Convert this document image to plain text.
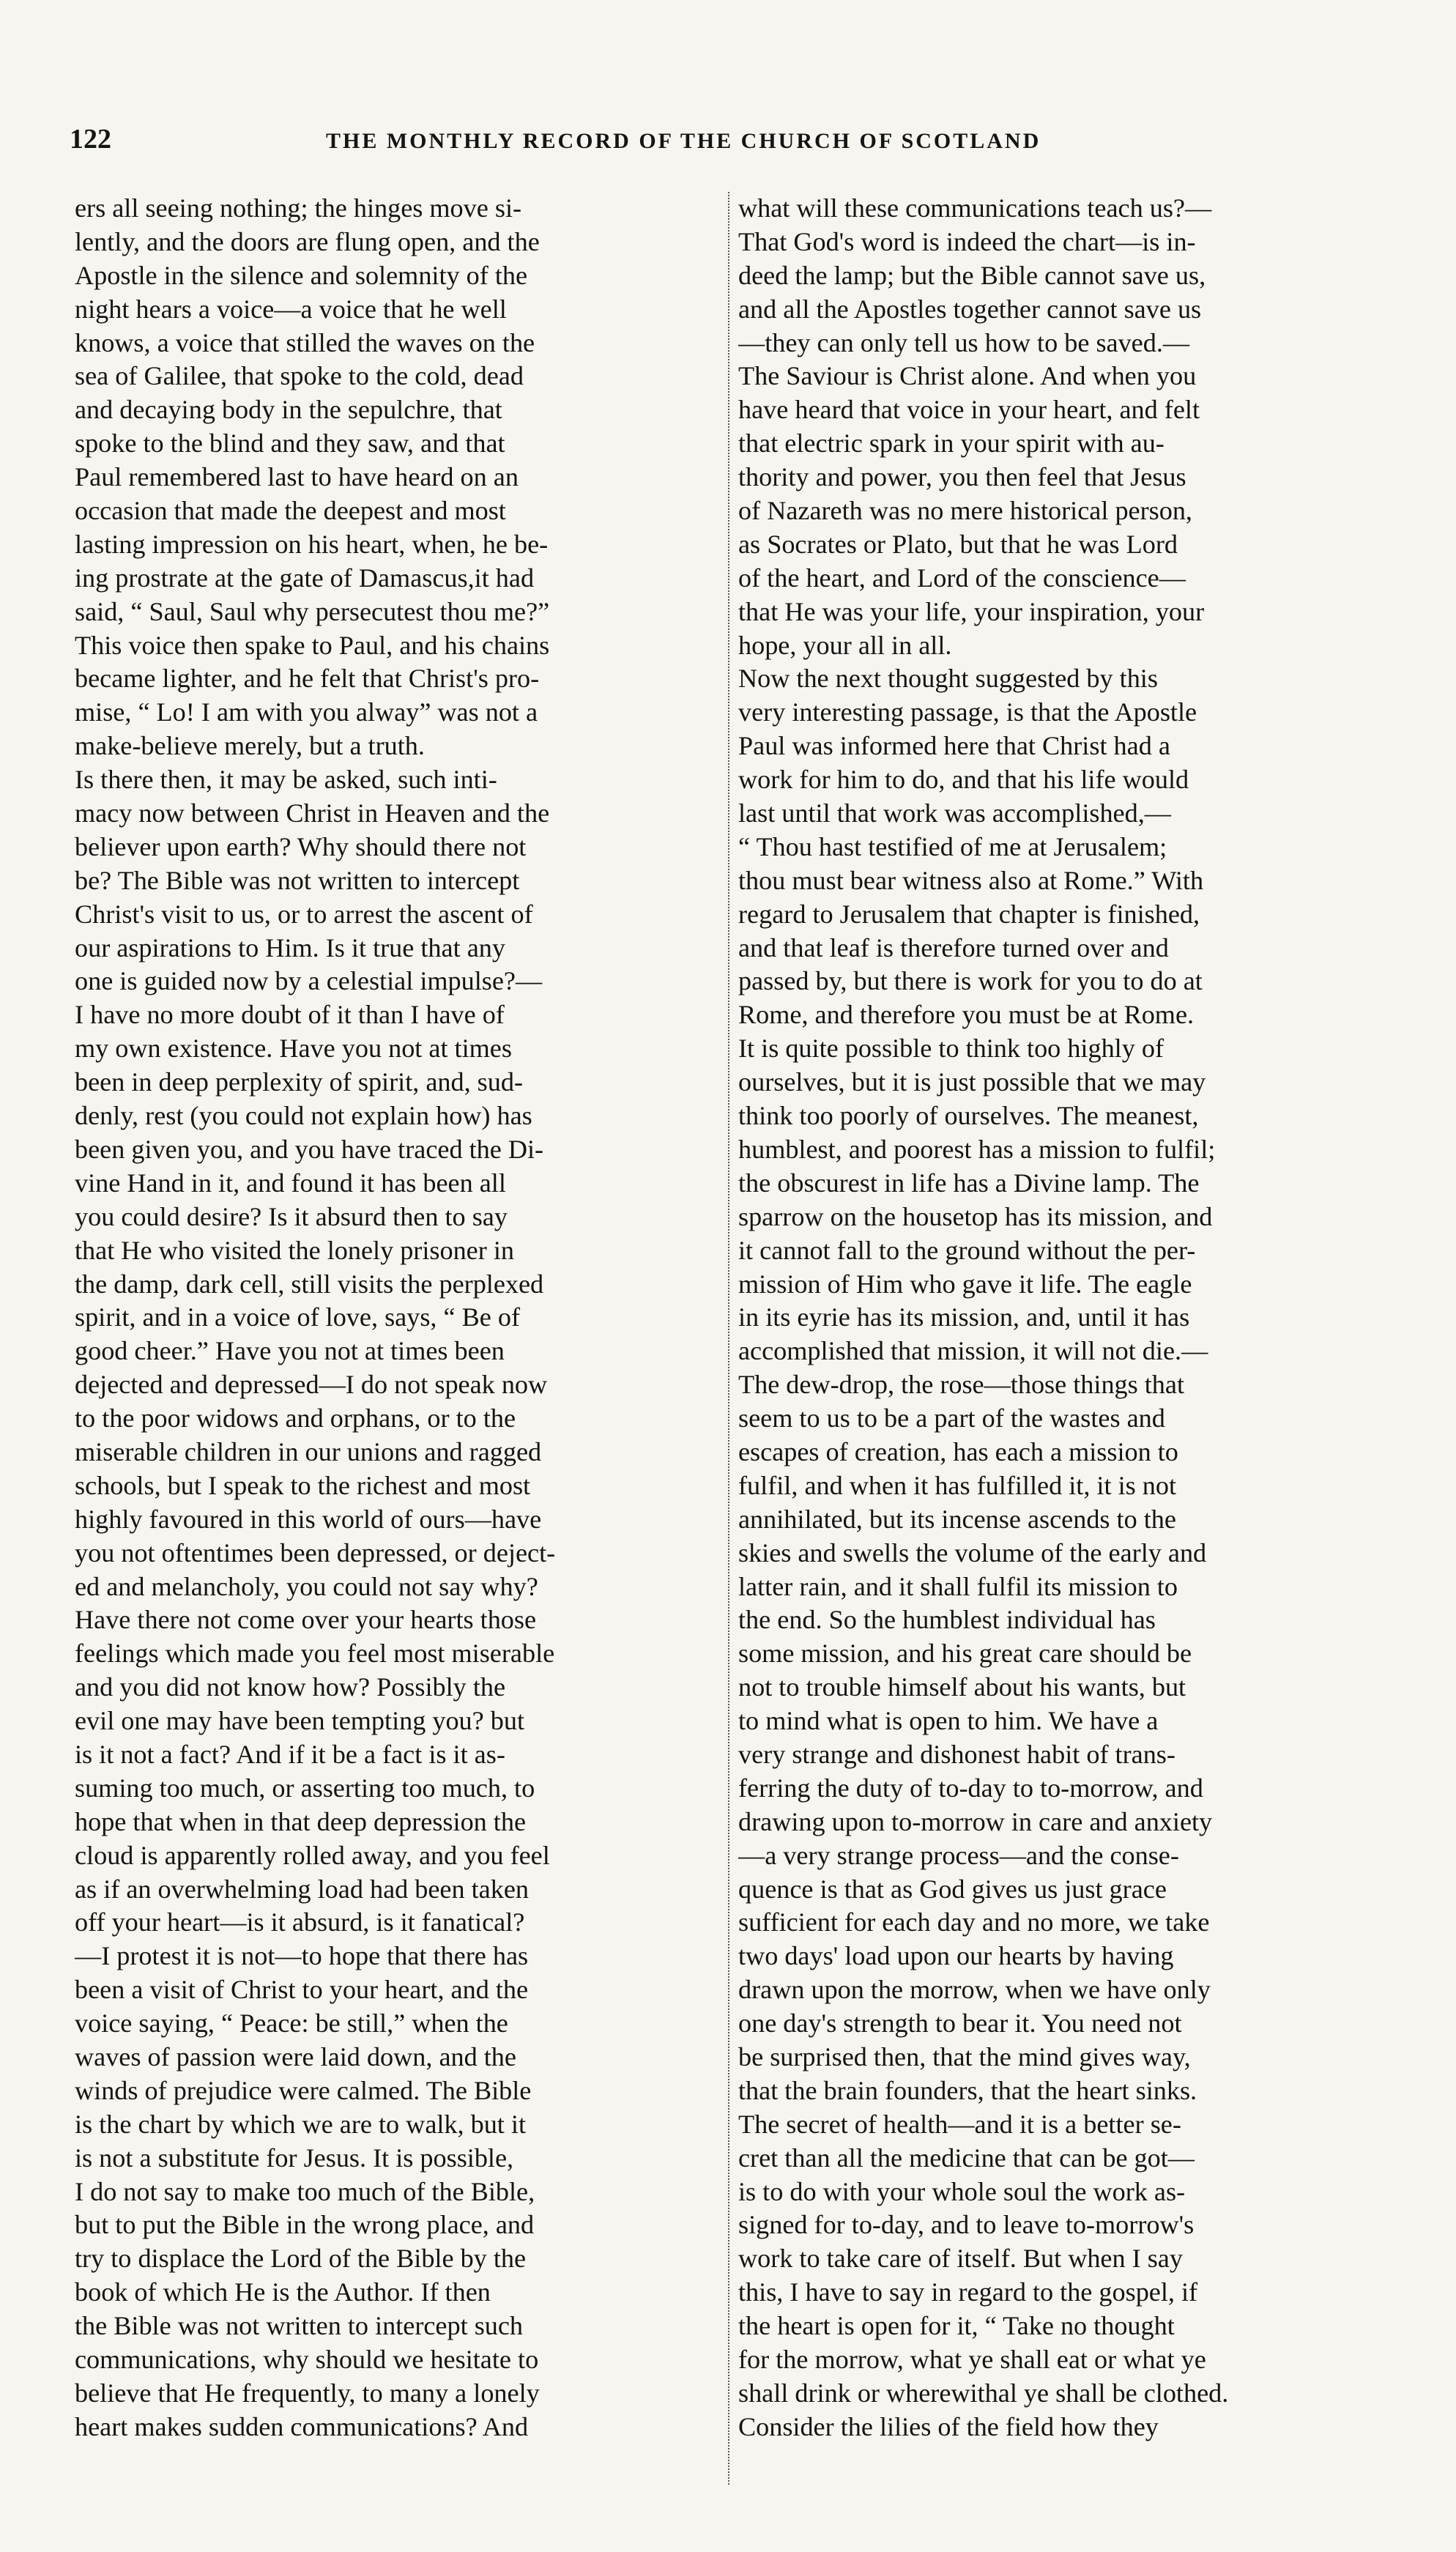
122	THE MONTHLY RECORD OF THE CHURCH OF SCOTLAND
ers all seeing nothing; the hinges move si-
lently, and the doors are flung open, and the
Apostle in the silence and solemnity of the
night hears a voice—a voice that he well
knows, a voice that stilled the waves on the
sea of Galilee, that spoke to the cold, dead
and decaying body in the sepulchre, that
spoke to the blind and they saw, and that
Paul remembered last to have heard on an
occasion that made the deepest and most
lasting impression on his heart, when, he be-
ing prostrate at the gate of Damascus,it had
said, “ Saul, Saul why persecutest thou me?”
This voice then spake to Paul, and his chains
became lighter, and he felt that Christ's pro-
mise, “ Lo! I am with you alway” was not a
make-believe merely, but a truth.
Is there then, it may be asked, such inti-
macy now between Christ in Heaven and the
believer upon earth? Why should there not
be? The Bible was not written to intercept
Christ's visit to us, or to arrest the ascent of
our aspirations to Him. Is it true that any
one is guided now by a celestial impulse?—
I have no more doubt of it than I have of
my own existence. Have you not at times
been in deep perplexity of spirit, and, sud-
denly, rest (you could not explain how) has
been given you, and you have traced the Di-
vine Hand in it, and found it has been all
you could desire? Is it absurd then to say
that He who visited the lonely prisoner in
the damp, dark cell, still visits the perplexed
spirit, and in a voice of love, says, “ Be of
good cheer.” Have you not at times been
dejected and depressed—I do not speak now
to the poor widows and orphans, or to the
miserable children in our unions and ragged
schools, but I speak to the richest and most
highly favoured in this world of ours—have
you not oftentimes been depressed, or deject-
ed and melancholy, you could not say why?
Have there not come over your hearts those
feelings which made you feel most miserable
and you did not know how? Possibly the
evil one may have been tempting you? but
is it not a fact? And if it be a fact is it as-
suming too much, or asserting too much, to
hope that when in that deep depression the
cloud is apparently rolled away, and you feel
as if an overwhelming load had been taken
off your heart—is it absurd, is it fanatical?
—I protest it is not—to hope that there has
been a visit of Christ to your heart, and the
voice saying, “ Peace: be still,” when the
waves of passion were laid down, and the
winds of prejudice were calmed. The Bible
is the chart by which we are to walk, but it
is not a substitute for Jesus. It is possible,
I do not say to make too much of the Bible,
but to put the Bible in the wrong place, and
try to displace the Lord of the Bible by the
book of which He is the Author. If then
the Bible was not written to intercept such
communications, why should we hesitate to
believe that He frequently, to many a lonely
heart makes sudden communications? And
what will these communications teach us?—
That God's word is indeed the chart—is in-
deed the lamp; but the Bible cannot save us,
and all the Apostles together cannot save us
—they can only tell us how to be saved.—
The Saviour is Christ alone. And when you
have heard that voice in your heart, and felt
that electric spark in your spirit with au-
thority and power, you then feel that Jesus
of Nazareth was no mere historical person,
as Socrates or Plato, but that he was Lord
of the heart, and Lord of the conscience—
that He was your life, your inspiration, your
hope, your all in all.
Now the next thought suggested by this
very interesting passage, is that the Apostle
Paul was informed here that Christ had a
work for him to do, and that his life would
last until that work was accomplished,—
“ Thou hast testified of me at Jerusalem;
thou must bear witness also at Rome.” With
regard to Jerusalem that chapter is finished,
and that leaf is therefore turned over and
passed by, but there is work for you to do at
Rome, and therefore you must be at Rome.
It is quite possible to think too highly of
ourselves, but it is just possible that we may
think too poorly of ourselves. The meanest,
humblest, and poorest has a mission to fulfil;
the obscurest in life has a Divine lamp. The
sparrow on the housetop has its mission, and
it cannot fall to the ground without the per-
mission of Him who gave it life. The eagle
in its eyrie has its mission, and, until it has
accomplished that mission, it will not die.—
The dew-drop, the rose—those things that
seem to us to be a part of the wastes and
escapes of creation, has each a mission to
fulfil, and when it has fulfilled it, it is not
annihilated, but its incense ascends to the
skies and swells the volume of the early and
latter rain, and it shall fulfil its mission to
the end. So the humblest individual has
some mission, and his great care should be
not to trouble himself about his wants, but
to mind what is open to him. We have a
very strange and dishonest habit of trans-
ferring the duty of to-day to to-morrow, and
drawing upon to-morrow in care and anxiety
—a very strange process—and the conse-
quence is that as God gives us just grace
sufficient for each day and no more, we take
two days' load upon our hearts by having
drawn upon the morrow, when we have only
one day's strength to bear it. You need not
be surprised then, that the mind gives way,
that the brain founders, that the heart sinks.
The secret of health—and it is a better se-
cret than all the medicine that can be got—
is to do with your whole soul the work as-
signed for to-day, and to leave to-morrow's
work to take care of itself. But when I say
this, I have to say in regard to the gospel, if
the heart is open for it, “ Take no thought
for the morrow, what ye shall eat or what ye
shall drink or wherewithal ye shall be clothed.
Consider the lilies of the field how they
